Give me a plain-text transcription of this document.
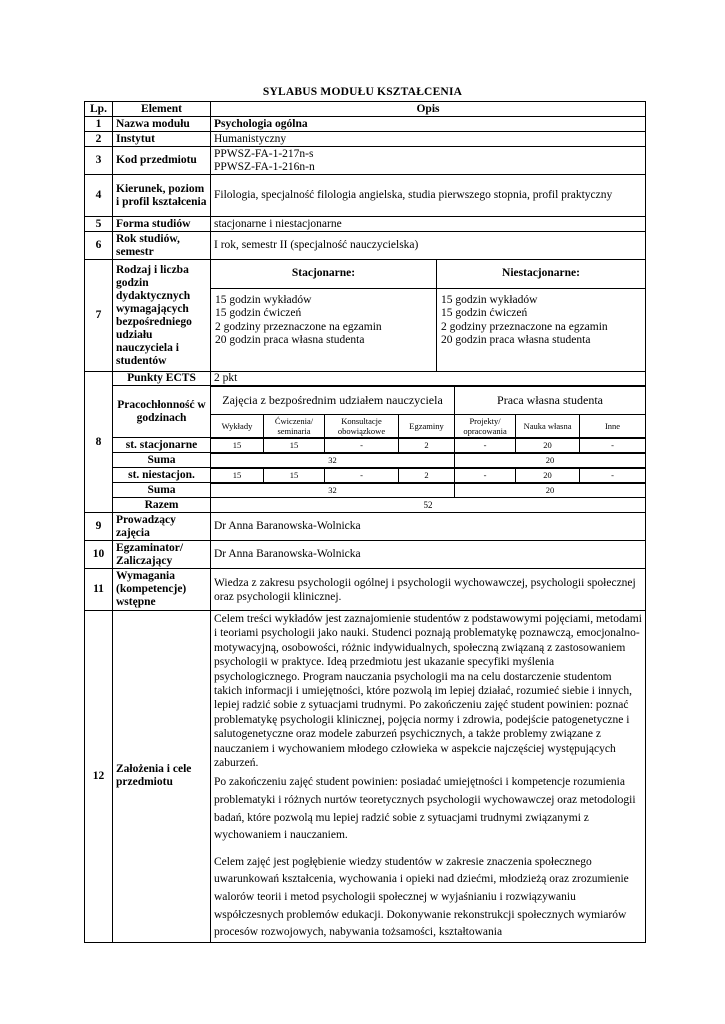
SYLABUS MODUŁU KSZTAŁCENIA
Lp.	Element	Opis
1	Nazwa modułu	Psychologia ogólna
2	Instytut	Humanistyczny
3	Kod przedmiotu	
PPWSZ-FA-1-217n-s
PPWSZ-FA-1-216n-n

4	Kierunek, poziom i profil kształcenia	Filologia, specjalność filologia angielska, studia pierwszego stopnia, profil praktyczny
5	Forma studiów	stacjonarne i niestacjonarne
6	Rok studiów, semestr	I rok, semestr II (specjalność nauczycielska)
7	Rodzaj i liczba godzin dydaktycznych wymagających bezpośredniego udziału nauczyciela i studentów	
Stacjonarne:	Niestacjonarne:

15 godzin wykładów
15 godzin ćwiczeń
2 godziny przeznaczone na egzamin
20 godzin praca własna studenta

15 godzin wykładów
15 godzin ćwiczeń
2 godziny przeznaczone na egzamin
20 godzin praca własna studenta

8	Punkty ECTS	2 pkt
Pracochłonność w godzinach	
Zajęcia z bezpośrednim udziałem nauczyciela	Praca własna studenta
Wykłady	Ćwiczenia/ seminaria	Konsultacje obowiązkowe	Egzaminy	Projekty/ opracowania	Nauka własna	Inne

st. stacjonarne		15	15	-	2	-	20	-

Suma		32	20

st. niestacjon.		15	15	-	2	-	20	-

Suma		32	20

Razem	52
9	Prowadzący zajęcia	Dr Anna Baranowska-Wolnicka
10	Egzaminator/ Zaliczający	Dr Anna Baranowska-Wolnicka
11	Wymagania (kompetencje) wstępne	Wiedza z zakresu psychologii ogólnej i psychologii wychowawczej, psychologii społecznej oraz psychologii klinicznej.
12	Założenia i cele przedmiotu	
Celem treści wykładów jest zaznajomienie studentów z podstawowymi pojęciami, metodami i teoriami psychologii jako nauki. Studenci poznają problematykę poznawczą, emocjonalno-motywacyjną, osobowości, różnic indywidualnych, społeczną związaną z zastosowaniem psychologii w praktyce. Ideą przedmiotu jest ukazanie specyfiki myślenia psychologicznego. Program nauczania psychologii ma na celu dostarczenie studentom takich informacji i umiejętności, które pozwolą im lepiej działać, rozumieć siebie i innych, lepiej radzić sobie z sytuacjami trudnymi. Po zakończeniu zajęć student powinien: poznać problematykę psychologii klinicznej, pojęcia normy i zdrowia, podejście patogenetyczne i salutogenetyczne oraz modele zaburzeń psychicznych, a także problemy związane z nauczaniem i wychowaniem młodego człowieka w aspekcie najczęściej występujących zaburzeń.
Po zakończeniu zajęć student powinien: posiadać umiejętności i kompetencje rozumienia problematyki i różnych nurtów teoretycznych psychologii wychowawczej oraz metodologii badań, które pozwolą mu lepiej radzić sobie z sytuacjami trudnymi związanymi z wychowaniem i nauczaniem.
Celem zajęć jest pogłębienie wiedzy studentów w zakresie znaczenia społecznego uwarunkowań kształcenia, wychowania i opieki nad dziećmi, młodzieżą oraz zrozumienie walorów teorii i metod psychologii społecznej w wyjaśnianiu i rozwiązywaniu współczesnych problemów edukacji. Dokonywanie rekonstrukcji społecznych wymiarów procesów rozwojowych, nabywania tożsamości, kształtowania
